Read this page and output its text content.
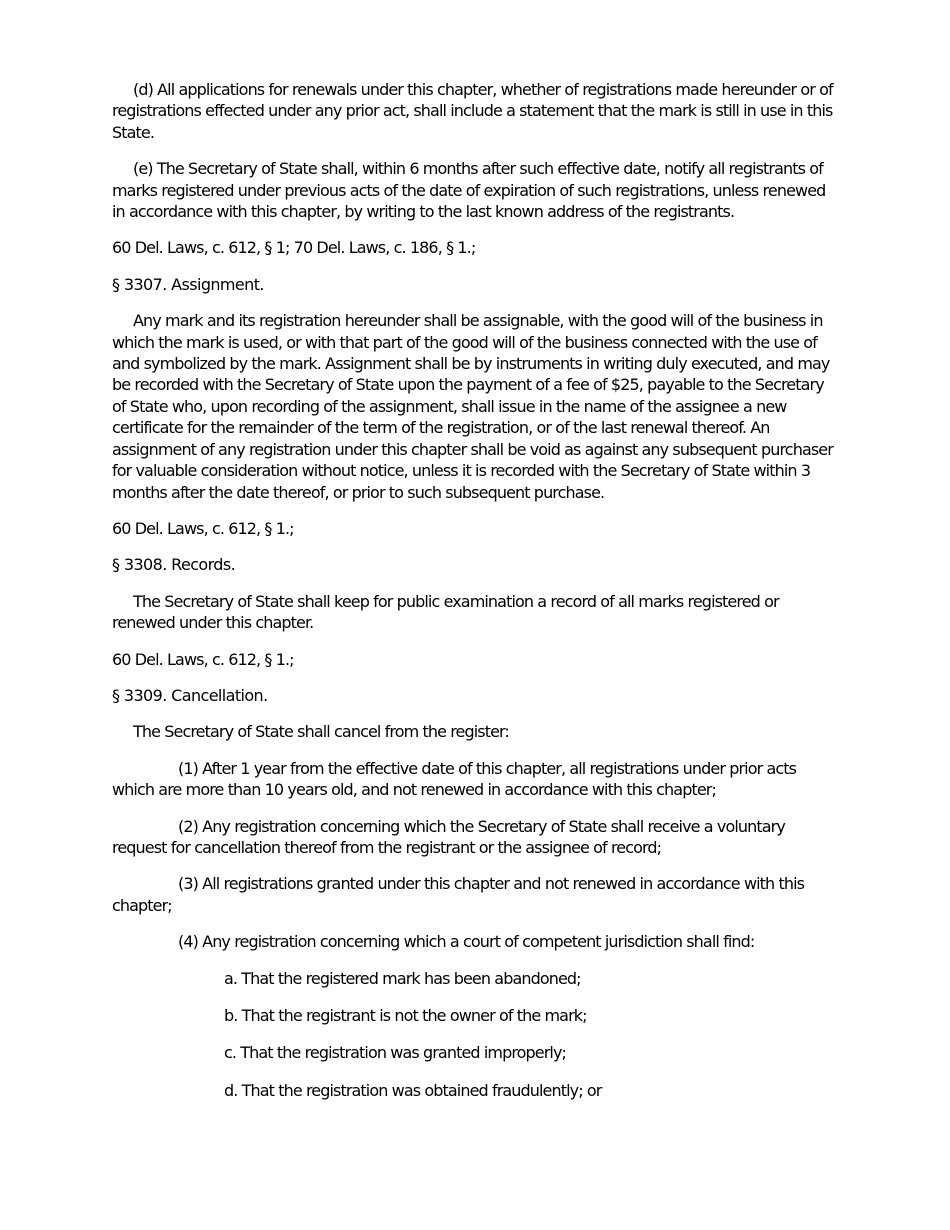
(d) All applications for renewals under this chapter, whether of registrations made hereunder or of registrations effected under any prior act, shall include a statement that the mark is still in use in this State.

(e) The Secretary of State shall, within 6 months after such effective date, notify all registrants of marks registered under previous acts of the date of expiration of such registrations, unless renewed in accordance with this chapter, by writing to the last known address of the registrants.

60 Del. Laws, c. 612, § 1; 70 Del. Laws, c. 186, § 1.;

§ 3307. Assignment.

Any mark and its registration hereunder shall be assignable, with the good will of the business in which the mark is used, or with that part of the good will of the business connected with the use of and symbolized by the mark. Assignment shall be by instruments in writing duly executed, and may be recorded with the Secretary of State upon the payment of a fee of $25, payable to the Secretary of State who, upon recording of the assignment, shall issue in the name of the assignee a new certificate for the remainder of the term of the registration, or of the last renewal thereof. An assignment of any registration under this chapter shall be void as against any subsequent purchaser for valuable consideration without notice, unless it is recorded with the Secretary of State within 3 months after the date thereof, or prior to such subsequent purchase.

60 Del. Laws, c. 612, § 1.;

§ 3308. Records.

The Secretary of State shall keep for public examination a record of all marks registered or renewed under this chapter.

60 Del. Laws, c. 612, § 1.;

§ 3309. Cancellation.

The Secretary of State shall cancel from the register:

(1) After 1 year from the effective date of this chapter, all registrations under prior acts which are more than 10 years old, and not renewed in accordance with this chapter;

(2) Any registration concerning which the Secretary of State shall receive a voluntary request for cancellation thereof from the registrant or the assignee of record;

(3) All registrations granted under this chapter and not renewed in accordance with this chapter;

(4) Any registration concerning which a court of competent jurisdiction shall find:

a. That the registered mark has been abandoned;

b. That the registrant is not the owner of the mark;

c. That the registration was granted improperly;

d. That the registration was obtained fraudulently; or
